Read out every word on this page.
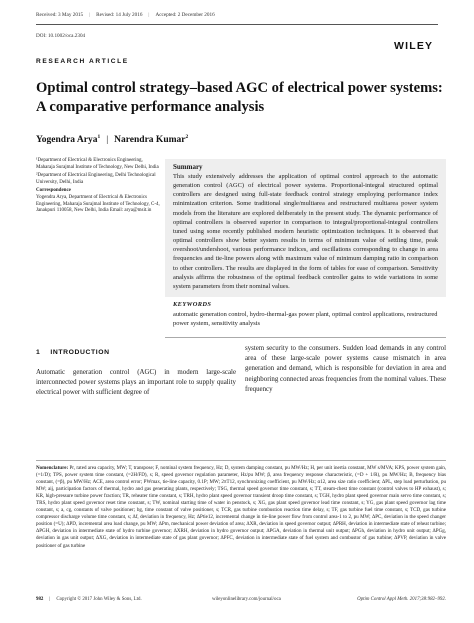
Received: 3 May 2015 | Revised: 14 July 2016 | Accepted: 2 December 2016
DOI: 10.1002/oca.2304
WILEY
RESEARCH ARTICLE
Optimal control strategy–based AGC of electrical power systems: A comparative performance analysis
Yogendra Arya$^1$ | Narendra Kumar$^2$

¹Department of Electrical & Electronics Engineering, Maharaja Surajmal Institute of Technology, New Delhi, India

²Department of Electrical Engineering, Delhi Technological University, Delhi, India

Correspondence

Yogendra Arya, Department of Electrical & Electronics Engineering, Maharaja Surajmal Institute of Technology, C-4, Janakpuri 110058, New Delhi, India Email: arya@msit.in

Summary

This study extensively addresses the application of optimal control approach to the automatic generation control (AGC) of electrical power systems. Proportional-integral structured optimal controllers are designed using full-state feedback control strategy employing performance index minimization criterion. Some traditional single/multiarea and restructured multiarea power system models from the literature are explored deliberately in the present study. The dynamic performance of optimal controllers is observed superior in comparison to integral/proportional-integral controllers tuned using some recently published modern heuristic optimization techniques. It is observed that optimal controllers show better system results in terms of minimum value of settling time, peak overshoot/undershoot, various performance indices, and oscillations corresponding to change in area frequencies and tie-line powers along with maximum value of minimum damping ratio in comparison to other controllers. The results are displayed in the form of tables for ease of comparison. Sensitivity analysis affirms the robustness of the optimal feedback controller gains to wide variations in some system parameters from their nominal values.

KEYWORDS

automatic generation control, hydro-thermal-gas power plant, optimal control applications, restructured power system, sensitivity analysis

1 INTRODUCTION

Automatic generation control (AGC) in modern large-scale interconnected power systems plays an important role to supply quality electrical power with sufficient degree of

system security to the consumers. Sudden load demands in any control area of these large-scale power systems cause mismatch in area generation and demand, which is responsible for deviation in area and neighboring connected areas frequencies from the nominal values. These frequency

Nomenclature: Pr, rated area capacity, MW; T, transpose; F, nominal system frequency, Hz; D, system damping constant, pu MW/Hz; H, per unit inertia constant, MW s/MVA; KPS, power system gain, (=1/D); TPS, power system time constant, (=2H/FD), s; R, speed governor regulation parameter, Hz/pu MW; β, area frequency response characteristic, (=D + 1/R), pu MW/Hz; B, frequency bias constant, (=β), pu MW/Hz; ACE, area control error; PWmax, tie-line capacity, 0.1P; MW; 2πT12, synchronizing coefficient, pu MW/Hz; α12, area size ratio coefficient; ΔPL, step load perturbation, pu MW; aij, participation factors of thermal, hydro and gas generating plants, respectively; TSG, thermal speed governor time constant, s; TT, steam-chest time constant (control valves to HP exhaust), s; KR, high-pressure turbine power fraction; TR, reheater time constant, s; TRH, hydro plant speed governor transient droop time constant, s; TGH, hydro plant speed governor main servo time constant, s; TRS, hydro plant speed governor reset time constant, s; TW, nominal starting time of water in penstock, s; XG, gas plant speed governor lead time constant, s; YG, gas plant speed governor lag time constant, s; a, cg, constants of valve positioner; bg, time constant of valve positioner, s; TCR, gas turbine combustion reaction time delay, s; TF, gas turbine fuel time constant, s; TCD, gas turbine compressor discharge volume time constant, s; Δf, deviation in frequency, Hz; ΔPtie12, incremental change in tie-line power flow from control area-1 to 2, pu MW; ΔPC, deviation in the speed changer position (=U); ΔPD, incremental area load change, pu MW; ΔPm, mechanical power deviation of area; ΔXR, deviation in speed governor output; ΔPRH, deviation in intermediate state of reheat turbine; ΔPGH, deviation in intermediate state of hydro turbine governor; ΔXRH, deviation in hydro governor output; ΔPGA, deviation in thermal unit output; ΔPGh, deviation in hydro unit output; ΔPGg, deviation in gas unit output; ΔXG, deviation in intermediate state of gas plant governor; ΔPFC, deviation in intermediate state of fuel system and combustor of gas turbine; ΔPVP, deviation in valve positioner of gas turbine

982 | Copyright © 2017 John Wiley & Sons, Ltd.	wileyonlinelibrary.com/journal/oca	Optim Control Appl Meth. 2017;38:982–992.
